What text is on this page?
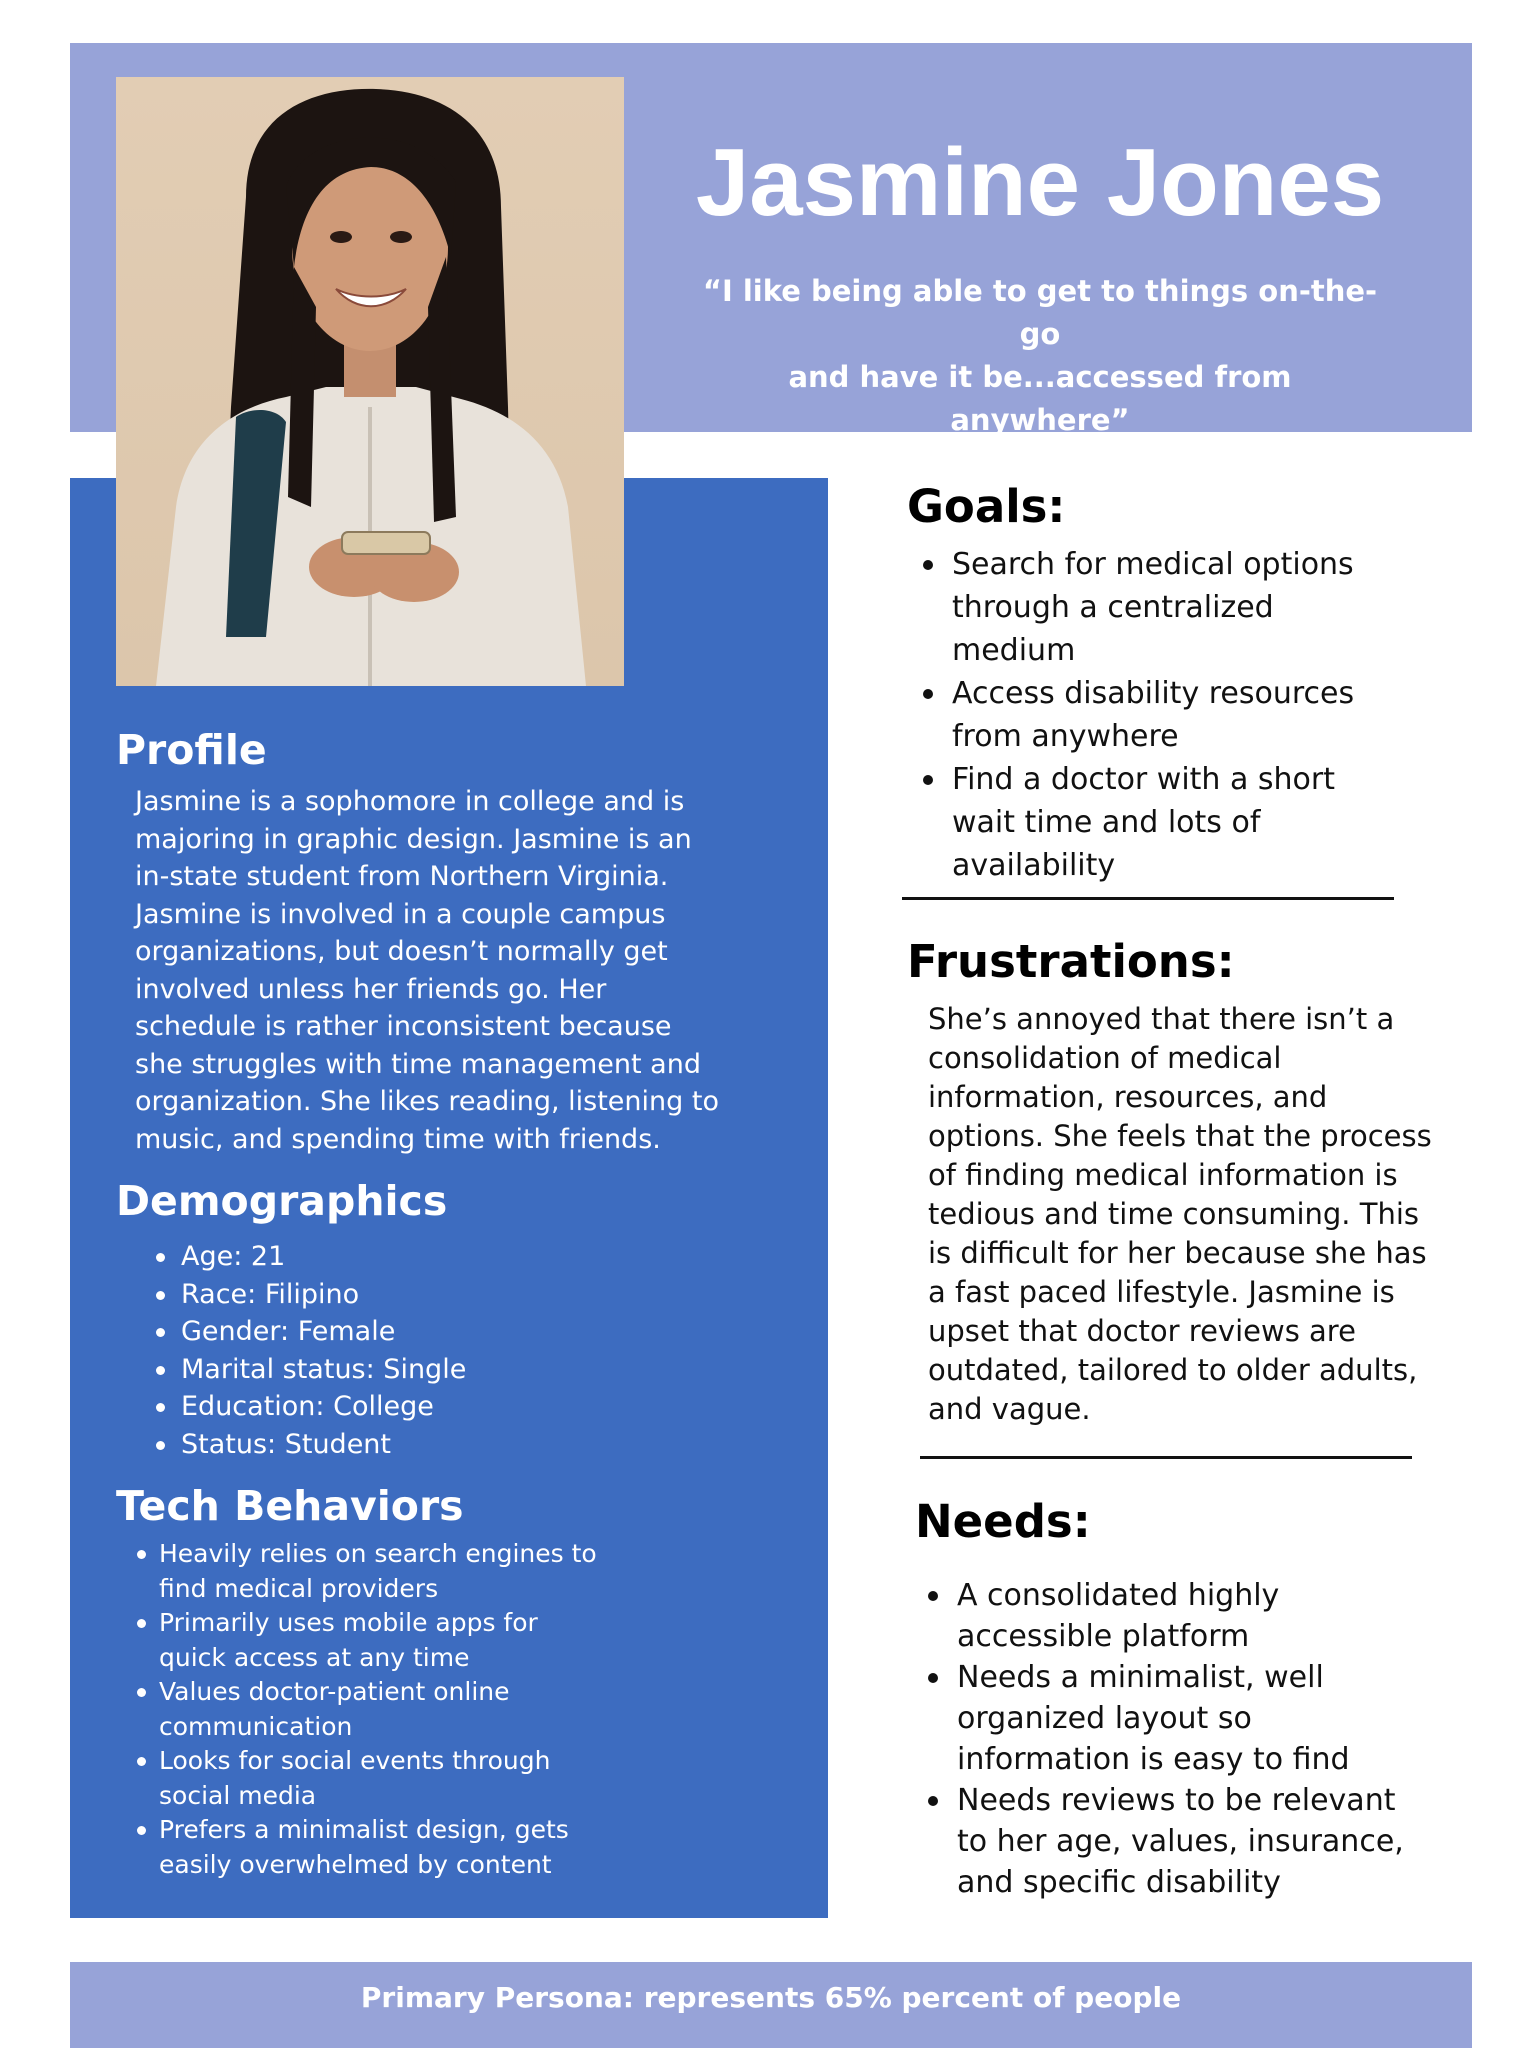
Jasmine Jones
“I like being able to get to things on-the-go
and have it be...accessed from anywhere”
Profile
Jasmine is a sophomore in college and is
majoring in graphic design. Jasmine is an
in-state student from Northern Virginia.
Jasmine is involved in a couple campus
organizations, but doesn’t normally get
involved unless her friends go. Her
schedule is rather inconsistent because
she struggles with time management and
organization. She likes reading, listening to
music, and spending time with friends.
Demographics
Age: 21
Race: Filipino
Gender: Female
Marital status: Single
Education: College
Status: Student
Tech Behaviors
Heavily relies on search engines to
find medical providers
Primarily uses mobile apps for
quick access at any time
Values doctor-patient online
communication
Looks for social events through
social media
Prefers a minimalist design, gets
easily overwhelmed by content
Goals:
Search for medical options
through a centralized
medium
Access disability resources
from anywhere
Find a doctor with a short
wait time and lots of
availability
Frustrations:
She’s annoyed that there isn’t a
consolidation of medical
information, resources, and
options. She feels that the process
of finding medical information is
tedious and time consuming. This
is difficult for her because she has
a fast paced lifestyle. Jasmine is
upset that doctor reviews are
outdated, tailored to older adults,
and vague.
Needs:
A consolidated highly
accessible platform
Needs a minimalist, well
organized layout so
information is easy to find
Needs reviews to be relevant
to her age, values, insurance,
and specific disability
Primary Persona: represents 65% percent of people
